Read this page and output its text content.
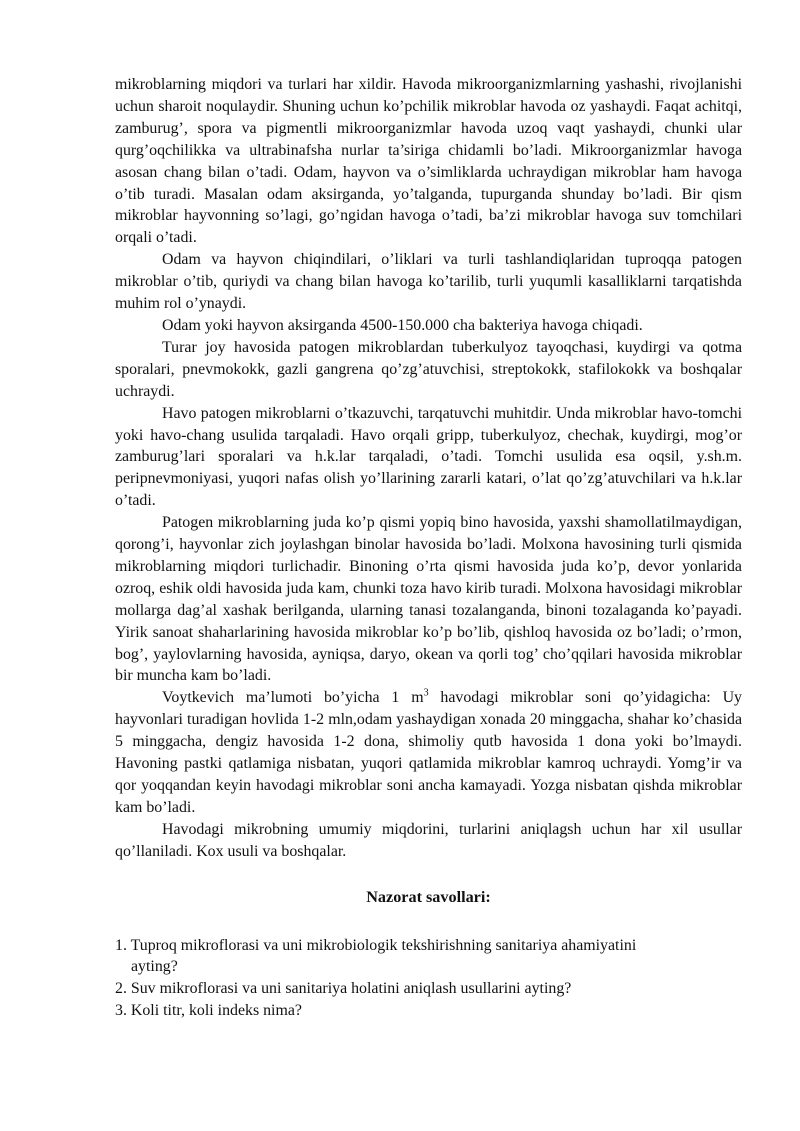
mikroblarning miqdori va turlari har xildir. Havoda mikroorganizmlarning yashashi, rivojlanishi uchun sharoit noqulaydir. Shuning uchun ko’pchilik mikroblar havoda oz yashaydi. Faqat achitqi, zamburug’, spora va pigmentli mikroorganizmlar havoda uzoq vaqt yashaydi, chunki ular qurg’oqchilikka va ultrabinafsha nurlar ta’siriga chidamli bo’ladi. Mikroorganizmlar havoga asosan chang bilan o’tadi. Odam, hayvon va o’simliklarda uchraydigan mikroblar ham havoga o’tib turadi. Masalan odam aksirganda, yo’talganda, tupurganda shunday bo’ladi. Bir qism mikroblar hayvonning so’lagi, go’ngidan havoga o’tadi, ba’zi mikroblar havoga suv tomchilari orqali o’tadi.

Odam va hayvon chiqindilari, o’liklari va turli tashlandiqlaridan tuproqqa patogen mikroblar o’tib, quriydi va chang bilan havoga ko’tarilib, turli yuqumli kasalliklarni tarqatishda muhim rol o’ynaydi.

Odam yoki hayvon aksirganda 4500-150.000 cha bakteriya havoga chiqadi.

Turar joy havosida patogen mikroblardan tuberkulyoz tayoqchasi, kuydirgi va qotma sporalari, pnevmokokk, gazli gangrena qo’zg’atuvchisi, streptokokk, stafilokokk va boshqalar uchraydi.

Havo patogen mikroblarni o’tkazuvchi, tarqatuvchi muhitdir. Unda mikroblar havo-tomchi yoki havo-chang usulida tarqaladi. Havo orqali gripp, tuberkulyoz, chechak, kuydirgi, mog’or zamburug’lari sporalari va h.k.lar tarqaladi, o’tadi. Tomchi usulida esa oqsil, y.sh.m. peripnevmoniyasi, yuqori nafas olish yo’llarining zararli katari, o’lat qo’zg’atuvchilari va h.k.lar o’tadi.

Patogen mikroblarning juda ko’p qismi yopiq bino havosida, yaxshi shamollatilmaydigan, qorong’i, hayvonlar zich joylashgan binolar havosida bo’ladi. Molxona havosining turli qismida mikroblarning miqdori turlichadir. Binoning o’rta qismi havosida juda ko’p, devor yonlarida ozroq, eshik oldi havosida juda kam, chunki toza havo kirib turadi. Molxona havosidagi mikroblar mollarga dag’al xashak berilganda, ularning tanasi tozalanganda, binoni tozalaganda ko’payadi. Yirik sanoat shaharlarining havosida mikroblar ko’p bo’lib, qishloq havosida oz bo’ladi; o’rmon, bog’, yaylovlarning havosida, ayniqsa, daryo, okean va qorli tog’ cho’qqilari havosida mikroblar bir muncha kam bo’ladi.

Voytkevich ma’lumoti bo’yicha 1 $m^3$ havodagi mikroblar soni qo’yidagicha: Uy hayvonlari turadigan hovlida 1-2 mln,odam yashaydigan xonada 20 minggacha, shahar ko’chasida 5 minggacha, dengiz havosida 1-2 dona, shimoliy qutb havosida 1 dona yoki bo’lmaydi. Havoning pastki qatlamiga nisbatan, yuqori qatlamida mikroblar kamroq uchraydi. Yomg’ir va qor yoqqandan keyin havodagi mikroblar soni ancha kamayadi. Yozga nisbatan qishda mikroblar kam bo’ladi.

Havodagi mikrobning umumiy miqdorini, turlarini aniqlagsh uchun har xil usullar qo’llaniladi. Kox usuli va boshqalar.

Nazorat savollari:

1. Tuproq mikroflorasi va uni mikrobiologik tekshirishning sanitariya ahamiyatini ayting?

2. Suv mikroflorasi va uni sanitariya holatini aniqlash usullarini ayting?

3. Koli titr, koli indeks nima?
